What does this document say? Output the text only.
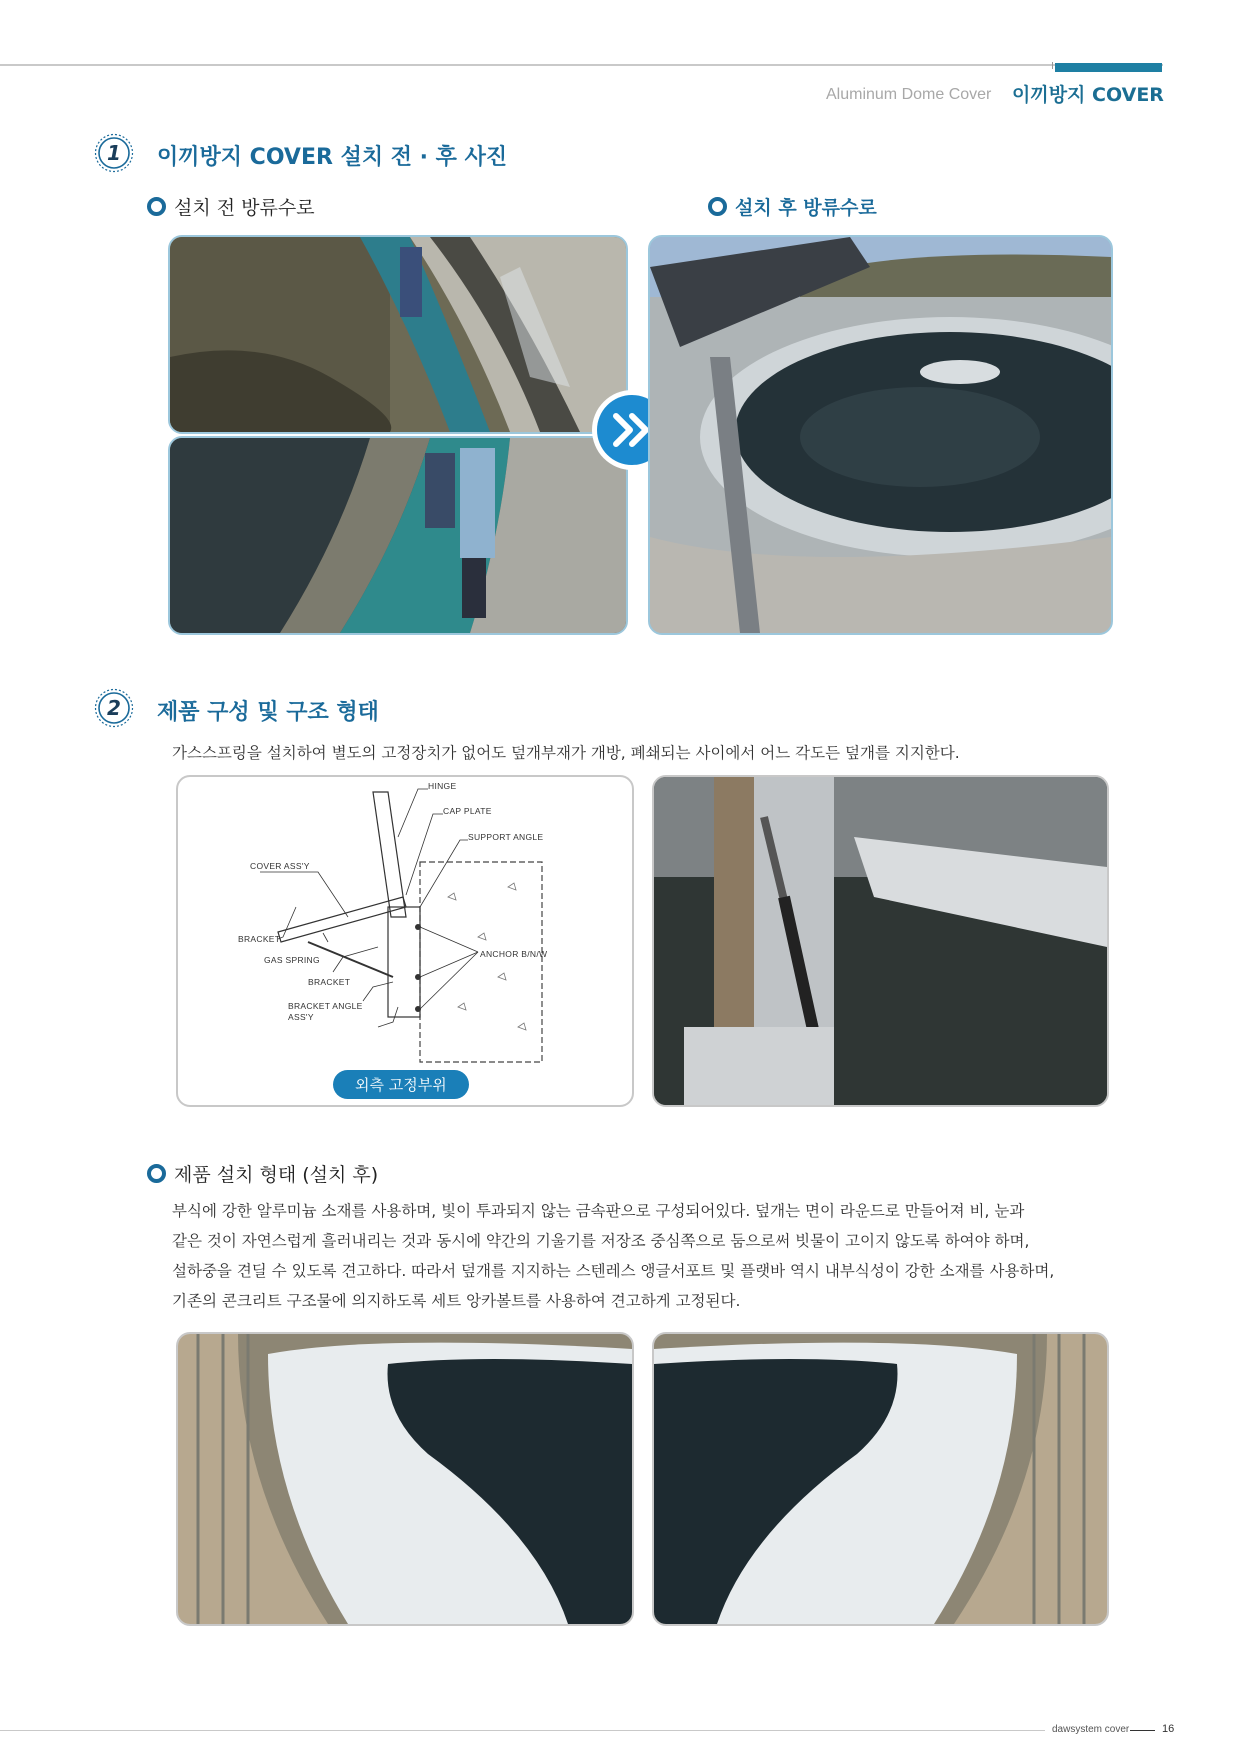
Aluminum Dome Cover 이끼방지 COVER
1 이끼방지 COVER 설치 전 · 후 사진
설치 전 방류수로	설치 후 방류수로
2 제품 구성 및 구조 형태
가스스프링을 설치하여 별도의 고정장치가 없어도 덮개부재가 개방, 폐쇄되는 사이에서 어느 각도든 덮개를 지지한다.
HINGE
CAP PLATE
SUPPORT ANGLE
COVER ASS'Y
BRACKET
GAS SPRING
BRACKET
BRACKET ANGLE
ASS'Y
ANCHOR B/N/W
외측 고정부위
제품 설치 형태 (설치 후)
부식에 강한 알루미늄 소재를 사용하며, 빛이 투과되지 않는 금속판으로 구성되어있다. 덮개는 면이 라운드로 만들어져 비, 눈과
같은 것이 자연스럽게 흘러내리는 것과 동시에 약간의 기울기를 저장조 중심쪽으로 둠으로써 빗물이 고이지 않도록 하여야 하며,
설하중을 견딜 수 있도록 견고하다. 따라서 덮개를 지지하는 스텐레스 앵글서포트 및 플랫바 역시 내부식성이 강한 소재를 사용하며,
기존의 콘크리트 구조물에 의지하도록 세트 앙카볼트를 사용하여 견고하게 고정된다.
dawsystem cover	16
